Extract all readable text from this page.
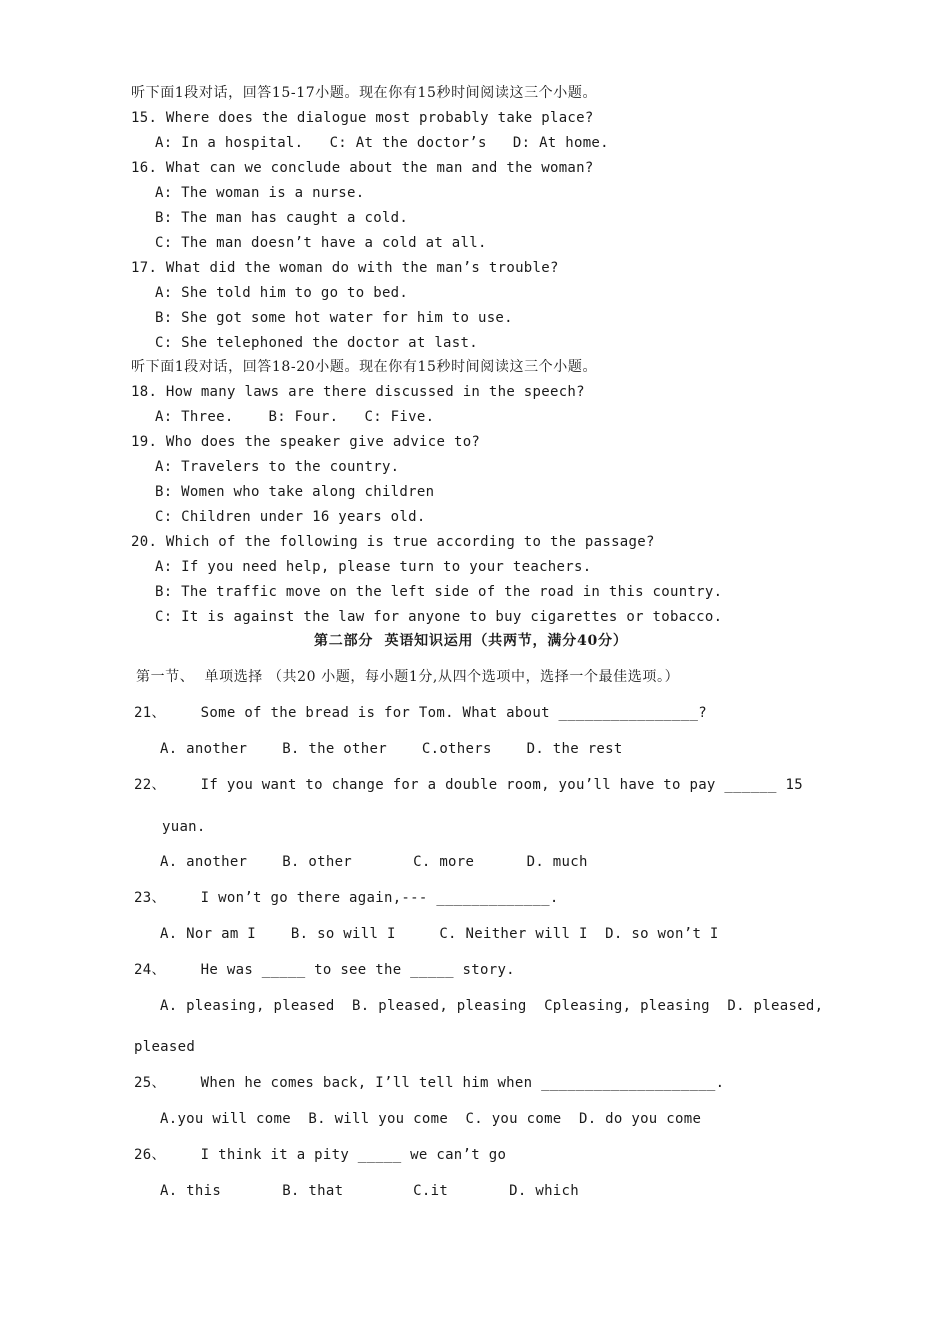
听下面1段对话，回答15-17小题。现在你有15秒时间阅读这三个小题。
15. Where does the dialogue most probably take place?
A: In a hospital.   C: At the doctor’s   D: At home.
16. What can we conclude about the man and the woman?
A: The woman is a nurse.
B: The man has caught a cold.
C: The man doesn’t have a cold at all.
17. What did the woman do with the man’s trouble?
A: She told him to go to bed.
B: She got some hot water for him to use.
C: She telephoned the doctor at last.
听下面1段对话，回答18-20小题。现在你有15秒时间阅读这三个小题。
18. How many laws are there discussed in the speech?
A: Three.    B: Four.   C: Five.
19. Who does the speaker give advice to?
A: Travelers to the country.
B: Women who take along children
C: Children under 16 years old.
20. Which of the following is true according to the passage?
A: If you need help, please turn to your teachers.
B: The traffic move on the left side of the road in this country.
C: It is against the law for anyone to buy cigarettes or tobacco.
第二部分  英语知识运用（共两节，满分40分）
第一节、  单项选择 （共20 小题，每小题1分,从四个选项中，选择一个最佳选项。）
21、    Some of the bread is for Tom. What about ________________?
A. another    B. the other    C.others    D. the rest
22、    If you want to change for a double room, you’ll have to pay ______ 15
yuan.
A. another    B. other       C. more      D. much
23、    I won’t go there again,--- _____________.
A. Nor am I    B. so will I     C. Neither will I  D. so won’t I
24、    He was _____ to see the _____ story.
A. pleasing, pleased  B. pleased, pleasing  Cpleasing, pleasing  D. pleased,
pleased
25、    When he comes back, I’ll tell him when ____________________.
A.you will come  B. will you come  C. you come  D. do you come
26、    I think it a pity _____ we can’t go
A. this       B. that        C.it       D. which
